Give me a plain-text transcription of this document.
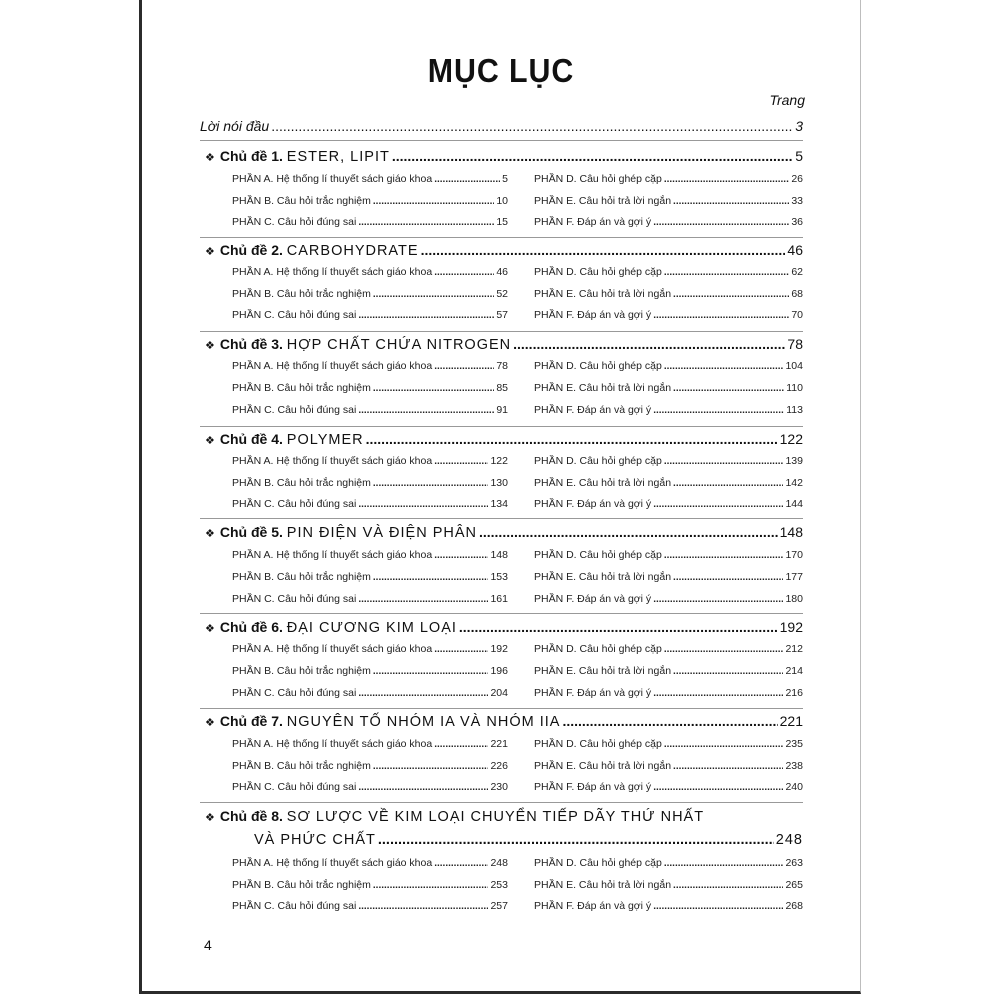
MỤC LỤC
Trang
Lời nói đầu .....	3
❖ Chủ đề 1.
ESTER, LIPIT .....	5
PHẦN A. Hệ thống lí thuyết sách giáo khoa .....	5
PHẦN B. Câu hỏi trắc nghiệm .....	10
PHẦN C. Câu hỏi đúng sai .....	15
PHẦN D. Câu hỏi ghép cặp .....	26
PHẦN E. Câu hỏi trả lời ngắn .....	33
PHẦN F. Đáp án và gợi ý .....	36
❖ Chủ đề 2.
CARBOHYDRATE .....	46
PHẦN A. Hệ thống lí thuyết sách giáo khoa .....	46
PHẦN B. Câu hỏi trắc nghiệm .....	52
PHẦN C. Câu hỏi đúng sai .....	57
PHẦN D. Câu hỏi ghép cặp .....	62
PHẦN E. Câu hỏi trả lời ngắn .....	68
PHẦN F. Đáp án và gợi ý .....	70
❖ Chủ đề 3.
HỢP CHẤT CHỨA NITROGEN .....	78
PHẦN A. Hệ thống lí thuyết sách giáo khoa .....	78
PHẦN B. Câu hỏi trắc nghiệm .....	85
PHẦN C. Câu hỏi đúng sai .....	91
PHẦN D. Câu hỏi ghép cặp .....	104
PHẦN E. Câu hỏi trả lời ngắn .....	110
PHẦN F. Đáp án và gợi ý .....	113
❖ Chủ đề 4.
POLYMER .....	122
PHẦN A. Hệ thống lí thuyết sách giáo khoa .....	122
PHẦN B. Câu hỏi trắc nghiệm .....	130
PHẦN C. Câu hỏi đúng sai .....	134
PHẦN D. Câu hỏi ghép cặp .....	139
PHẦN E. Câu hỏi trả lời ngắn .....	142
PHẦN F. Đáp án và gợi ý .....	144
❖ Chủ đề 5.
PIN ĐIỆN VÀ ĐIỆN PHÂN .....	148
PHẦN A. Hệ thống lí thuyết sách giáo khoa .....	148
PHẦN B. Câu hỏi trắc nghiệm .....	153
PHẦN C. Câu hỏi đúng sai .....	161
PHẦN D. Câu hỏi ghép cặp .....	170
PHẦN E. Câu hỏi trả lời ngắn .....	177
PHẦN F. Đáp án và gợi ý .....	180
❖ Chủ đề 6.
ĐẠI CƯƠNG KIM LOẠI .....	192
PHẦN A. Hệ thống lí thuyết sách giáo khoa .....	192
PHẦN B. Câu hỏi trắc nghiệm .....	196
PHẦN C. Câu hỏi đúng sai .....	204
PHẦN D. Câu hỏi ghép cặp .....	212
PHẦN E. Câu hỏi trả lời ngắn .....	214
PHẦN F. Đáp án và gợi ý .....	216
❖ Chủ đề 7.
NGUYÊN TỐ NHÓM IA VÀ NHÓM IIA .....	221
PHẦN A. Hệ thống lí thuyết sách giáo khoa .....	221
PHẦN B. Câu hỏi trắc nghiệm .....	226
PHẦN C. Câu hỏi đúng sai .....	230
PHẦN D. Câu hỏi ghép cặp .....	235
PHẦN E. Câu hỏi trả lời ngắn .....	238
PHẦN F. Đáp án và gợi ý .....	240
❖ Chủ đề 8.
SƠ LƯỢC VỀ KIM LOẠI CHUYỂN TIẾP DÃY THỨ NHẤT
VÀ PHỨC CHẤT .....	248
PHẦN A. Hệ thống lí thuyết sách giáo khoa .....	248
PHẦN B. Câu hỏi trắc nghiệm .....	253
PHẦN C. Câu hỏi đúng sai .....	257
PHẦN D. Câu hỏi ghép cặp .....	263
PHẦN E. Câu hỏi trả lời ngắn .....	265
PHẦN F. Đáp án và gợi ý .....	268
4
